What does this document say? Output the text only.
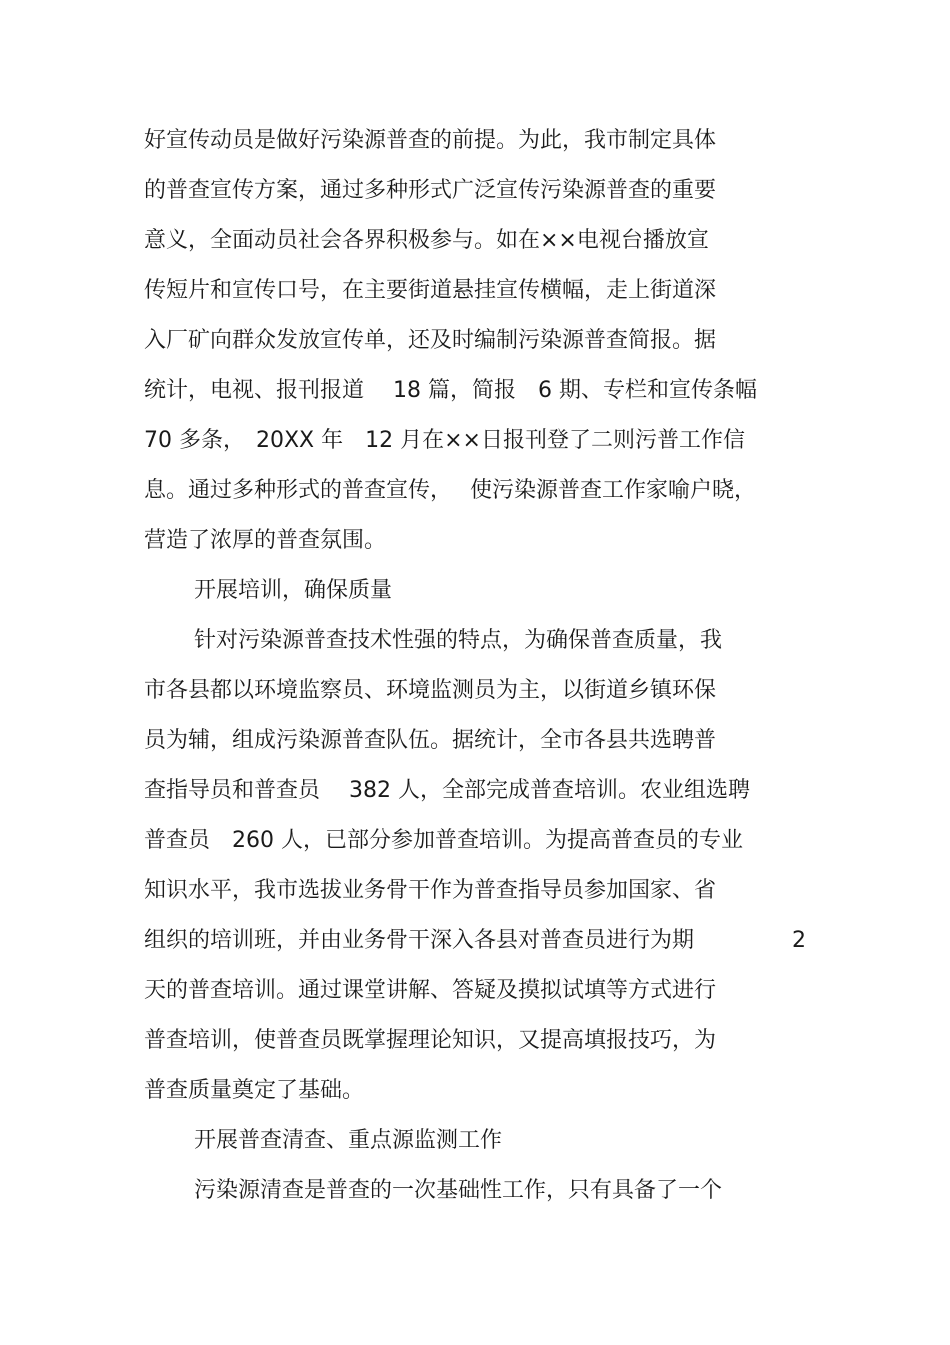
好宣传动员是做好污染源普查的前提。为此，我市制定具体
的普查宣传方案，通过多种形式广泛宣传污染源普查的重要
意义，全面动员社会各界积极参与。如在××电视台播放宣
传短片和宣传口号，在主要街道悬挂宣传横幅，走上街道深
入厂矿向群众发放宣传单，还及时编制污染源普查简报。据
统计，电视、报刊报道　 18 篇，简报　6 期、专栏和宣传条幅
70 多条，　20XX 年　12 月在××日报刊登了二则污普工作信
息。通过多种形式的普查宣传，　 使污染源普查工作家喻户晓，
营造了浓厚的普查氛围。
开展培训，确保质量
针对污染源普查技术性强的特点，为确保普查质量，我
市各县都以环境监察员、环境监测员为主，以街道乡镇环保
员为辅，组成污染源普查队伍。据统计，全市各县共选聘普
查指导员和普查员　 382 人，全部完成普查培训。农业组选聘
普查员　260 人，已部分参加普查培训。为提高普查员的专业
知识水平，我市选拔业务骨干作为普查指导员参加国家、省
组织的培训班，并由业务骨干深入各县对普查员进行为期	2
天的普查培训。通过课堂讲解、答疑及摸拟试填等方式进行
普查培训，使普查员既掌握理论知识，又提高填报技巧，为
普查质量奠定了基础。
开展普查清查、重点源监测工作
污染源清查是普查的一次基础性工作，只有具备了一个
